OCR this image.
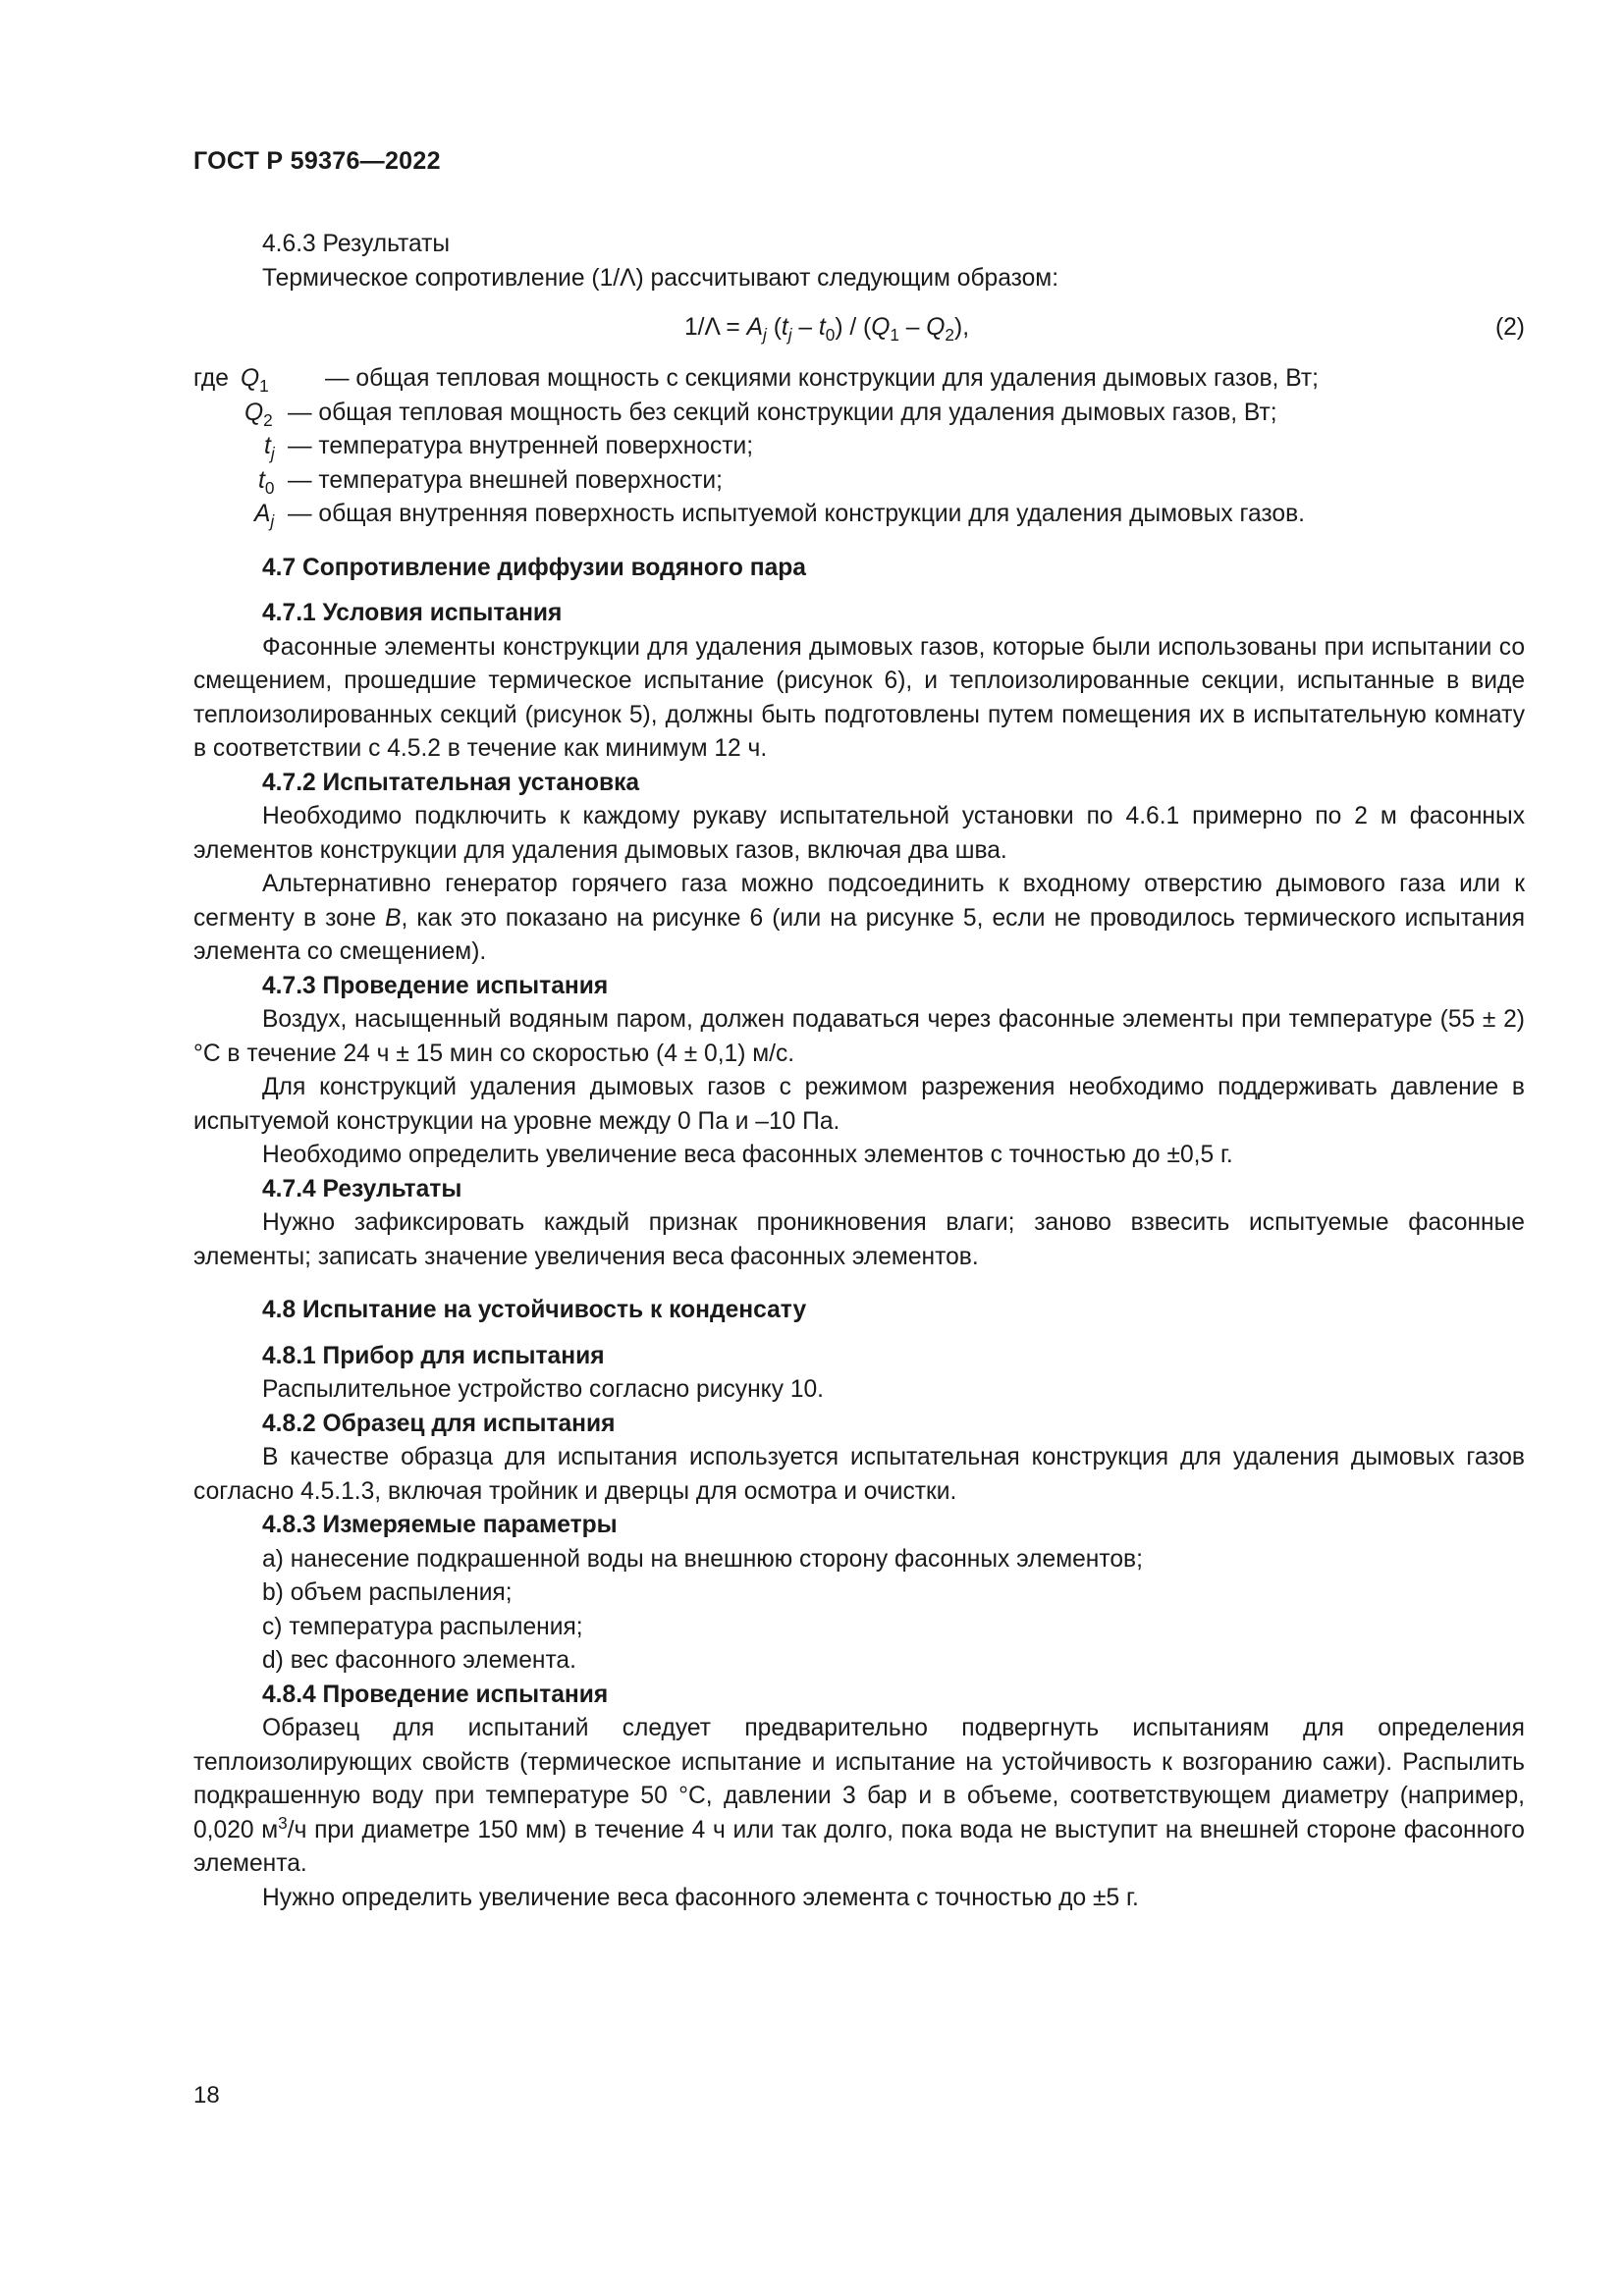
ГОСТ Р 59376—2022

4.6.3 Результаты

Термическое сопротивление (1/Λ) рассчитывают следующим образом:

$1/\Lambda = A_j$ $(t_j - t_0) / (Q_1 - Q_2)$,	(2)
где $Q_1$ — общая тепловая мощность с секциями конструкции для удаления дымовых газов, Вт;
$Q_2$ — общая тепловая мощность без секций конструкции для удаления дымовых газов, Вт;
$t_j$ — температура внутренней поверхности;
$t_0$ — температура внешней поверхности;
$A_j$ — общая внутренняя поверхность испытуемой конструкции для удаления дымовых газов.

4.7 Сопротивление диффузии водяного пара

4.7.1 Условия испытания

Фасонные элементы конструкции для удаления дымовых газов, которые были использованы при испытании со смещением, прошедшие термическое испытание (рисунок 6), и теплоизолированные секции, испытанные в виде теплоизолированных секций (рисунок 5), должны быть подготовлены путем помещения их в испытательную комнату в соответствии с 4.5.2 в течение как минимум 12 ч.

4.7.2 Испытательная установка

Необходимо подключить к каждому рукаву испытательной установки по 4.6.1 примерно по 2 м фасонных элементов конструкции для удаления дымовых газов, включая два шва.

Альтернативно генератор горячего газа можно подсоединить к входному отверстию дымового газа или к сегменту в зоне B, как это показано на рисунке 6 (или на рисунке 5, если не проводилось термического испытания элемента со смещением).

4.7.3 Проведение испытания

Воздух, насыщенный водяным паром, должен подаваться через фасонные элементы при температуре (55 ± 2) °С в течение 24 ч ± 15 мин со скоростью (4 ± 0,1) м/с.

Для конструкций удаления дымовых газов с режимом разрежения необходимо поддерживать давление в испытуемой конструкции на уровне между 0 Па и –10 Па.

Необходимо определить увеличение веса фасонных элементов с точностью до ±0,5 г.

4.7.4 Результаты

Нужно зафиксировать каждый признак проникновения влаги; заново взвесить испытуемые фасонные элементы; записать значение увеличения веса фасонных элементов.

4.8 Испытание на устойчивость к конденсату

4.8.1 Прибор для испытания

Распылительное устройство согласно рисунку 10.

4.8.2 Образец для испытания

В качестве образца для испытания используется испытательная конструкция для удаления дымовых газов согласно 4.5.1.3, включая тройник и дверцы для осмотра и очистки.

4.8.3 Измеряемые параметры

а) нанесение подкрашенной воды на внешнюю сторону фасонных элементов;

b) объем распыления;

с) температура распыления;

d) вес фасонного элемента.

4.8.4 Проведение испытания

Образец для испытаний следует предварительно подвергнуть испытаниям для определения теплоизолирующих свойств (термическое испытание и испытание на устойчивость к возгоранию сажи). Распылить подкрашенную воду при температуре 50 °С, давлении 3 бар и в объеме, соответствующем диаметру (например, 0,020 $м^3/ч$ при диаметре 150 мм) в течение 4 ч или так долго, пока вода не выступит на внешней стороне фасонного элемента.

Нужно определить увеличение веса фасонного элемента с точностью до ±5 г.

18
